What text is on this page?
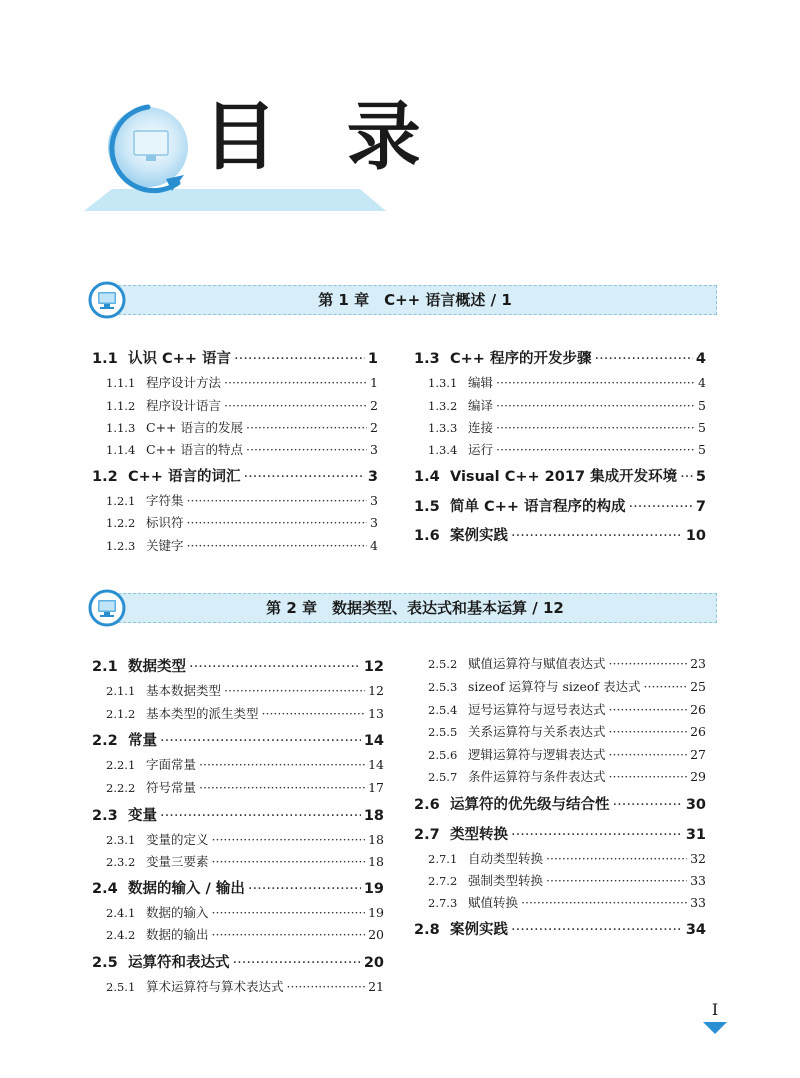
目 录
第 1 章　C++ 语言概述 / 1
1.1 认识 C++ 语言 ·····	1
1.1.1 程序设计方法 ·····	1
1.1.2 程序设计语言 ·····	2
1.1.3 C++ 语言的发展 ·····	2
1.1.4 C++ 语言的特点 ·····	3
1.2 C++ 语言的词汇 ·····	3
1.2.1 字符集 ·····	3
1.2.2 标识符 ·····	3
1.2.3 关键字 ·····	4
1.3 C++ 程序的开发步骤 ·····	4
1.3.1 编辑 ·····	4
1.3.2 编译 ·····	5
1.3.3 连接 ·····	5
1.3.4 运行 ·····	5
1.4 Visual C++ 2017 集成开发环境 ····· 5
1.5 简单 C++ 语言程序的构成 ·····	7
1.6 案例实践 ·····	10
第 2 章　数据类型、表达式和基本运算 / 12
2.1 数据类型 ·····	12
2.1.1 基本数据类型 ·····	12
2.1.2 基本类型的派生类型 ·····	13
2.2 常量 ·····	14
2.2.1 字面常量 ·····	14
2.2.2 符号常量 ·····	17
2.3 变量 ·····	18
2.3.1 变量的定义 ·····	18
2.3.2 变量三要素 ·····	18
2.4 数据的输入 / 输出 ·····	19
2.4.1 数据的输入 ·····	19
2.4.2 数据的输出 ·····	20
2.5 运算符和表达式 ·····	20
2.5.1 算术运算符与算术表达式 ·····	21
2.5.2 赋值运算符与赋值表达式 ·····	23
2.5.3 sizeof 运算符与 sizeof 表达式 ·····	25
2.5.4 逗号运算符与逗号表达式 ·····	26
2.5.5 关系运算符与关系表达式 ·····	26
2.5.6 逻辑运算符与逻辑表达式 ·····	27
2.5.7 条件运算符与条件表达式 ·····	29
2.6 运算符的优先级与结合性 ·····	30
2.7 类型转换 ·····	31
2.7.1 自动类型转换 ·····	32
2.7.2 强制类型转换 ·····	33
2.7.3 赋值转换 ·····	33
2.8 案例实践 ·····	34
I
